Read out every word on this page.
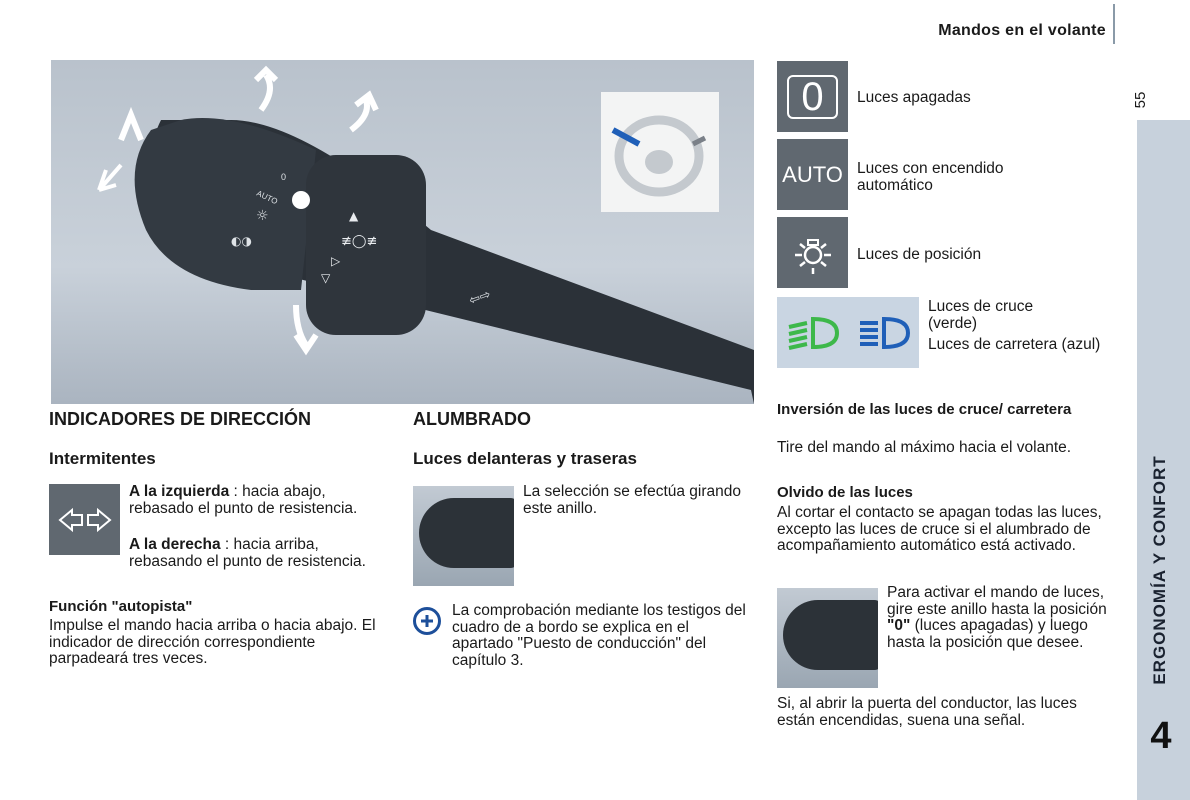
Mandos en el volante
55
ERGONOMÍA Y CONFORT
4
0
AUTO
☼
◐◑	≢◯≢
▲
▷
▽
⇦⇨
0	Luces apagadas
AUTO Luces con encendido automático
Luces de posición
Luces de cruce (verde)
Luces de carretera (azul)
INDICADORES DE DIRECCIÓN
Intermitentes

A la izquierda : hacia abajo, rebasado el punto de resistencia.

A la derecha : hacia arriba, rebasando el punto de resistencia.

Función "autopista"

Impulse el mando hacia arriba o hacia abajo. El indicador de dirección correspondiente parpadeará tres veces.

ALUMBRADO
Luces delanteras y traseras

La selección se efectúa girando este anillo.

La comprobación mediante los testigos del cuadro de a bordo se explica en el apartado "Puesto de conducción" del capítulo 3.

Inversión de las luces de cruce/ carretera

Tire del mando al máximo hacia el volante.

Olvido de las luces

Al cortar el contacto se apagan todas las luces, excepto las luces de cruce si el alumbrado de acompañamiento automático está activado.

Para activar el mando de luces, gire este anillo hasta la posición "0" (luces apagadas) y luego hasta la posición que desee.

Si, al abrir la puerta del conductor, las luces están encendidas, suena una señal.
